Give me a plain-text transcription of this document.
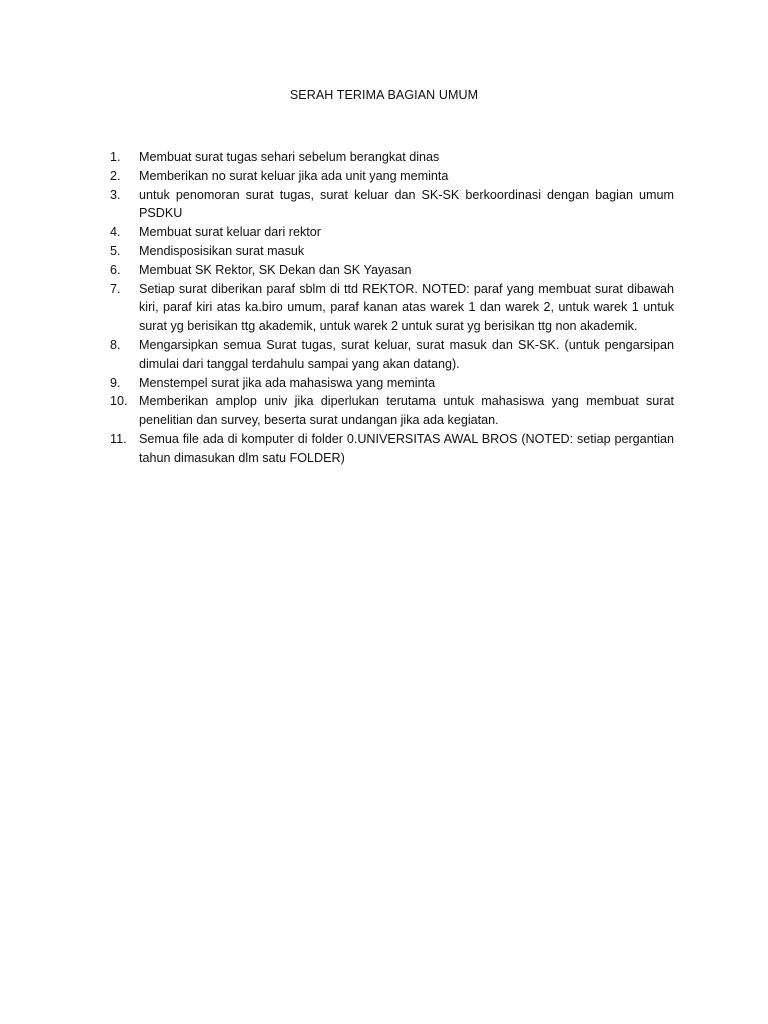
SERAH TERIMA BAGIAN UMUM
1.	Membuat surat tugas sehari sebelum berangkat dinas
2.	Memberikan no surat keluar jika ada unit yang meminta
3.	untuk penomoran surat tugas, surat keluar dan SK-SK berkoordinasi dengan bagian umum PSDKU
4.	Membuat surat keluar dari rektor
5.	Mendisposisikan surat masuk
6.	Membuat SK Rektor, SK Dekan dan SK Yayasan
7.	Setiap surat diberikan paraf sblm di ttd REKTOR. NOTED: paraf yang membuat surat dibawah kiri, paraf kiri atas ka.biro umum, paraf kanan atas warek 1 dan warek 2, untuk warek 1 untuk surat yg berisikan ttg akademik, untuk warek 2 untuk surat yg berisikan ttg non akademik.
8.	Mengarsipkan semua Surat tugas, surat keluar, surat masuk dan SK-SK. (untuk pengarsipan dimulai dari tanggal terdahulu sampai yang akan datang).
9.	Menstempel surat jika ada mahasiswa yang meminta
10. Memberikan amplop univ jika diperlukan terutama untuk mahasiswa yang membuat surat penelitian dan survey, beserta surat undangan jika ada kegiatan.
11. Semua file ada di komputer di folder 0.UNIVERSITAS AWAL BROS (NOTED: setiap pergantian tahun dimasukan dlm satu FOLDER)
